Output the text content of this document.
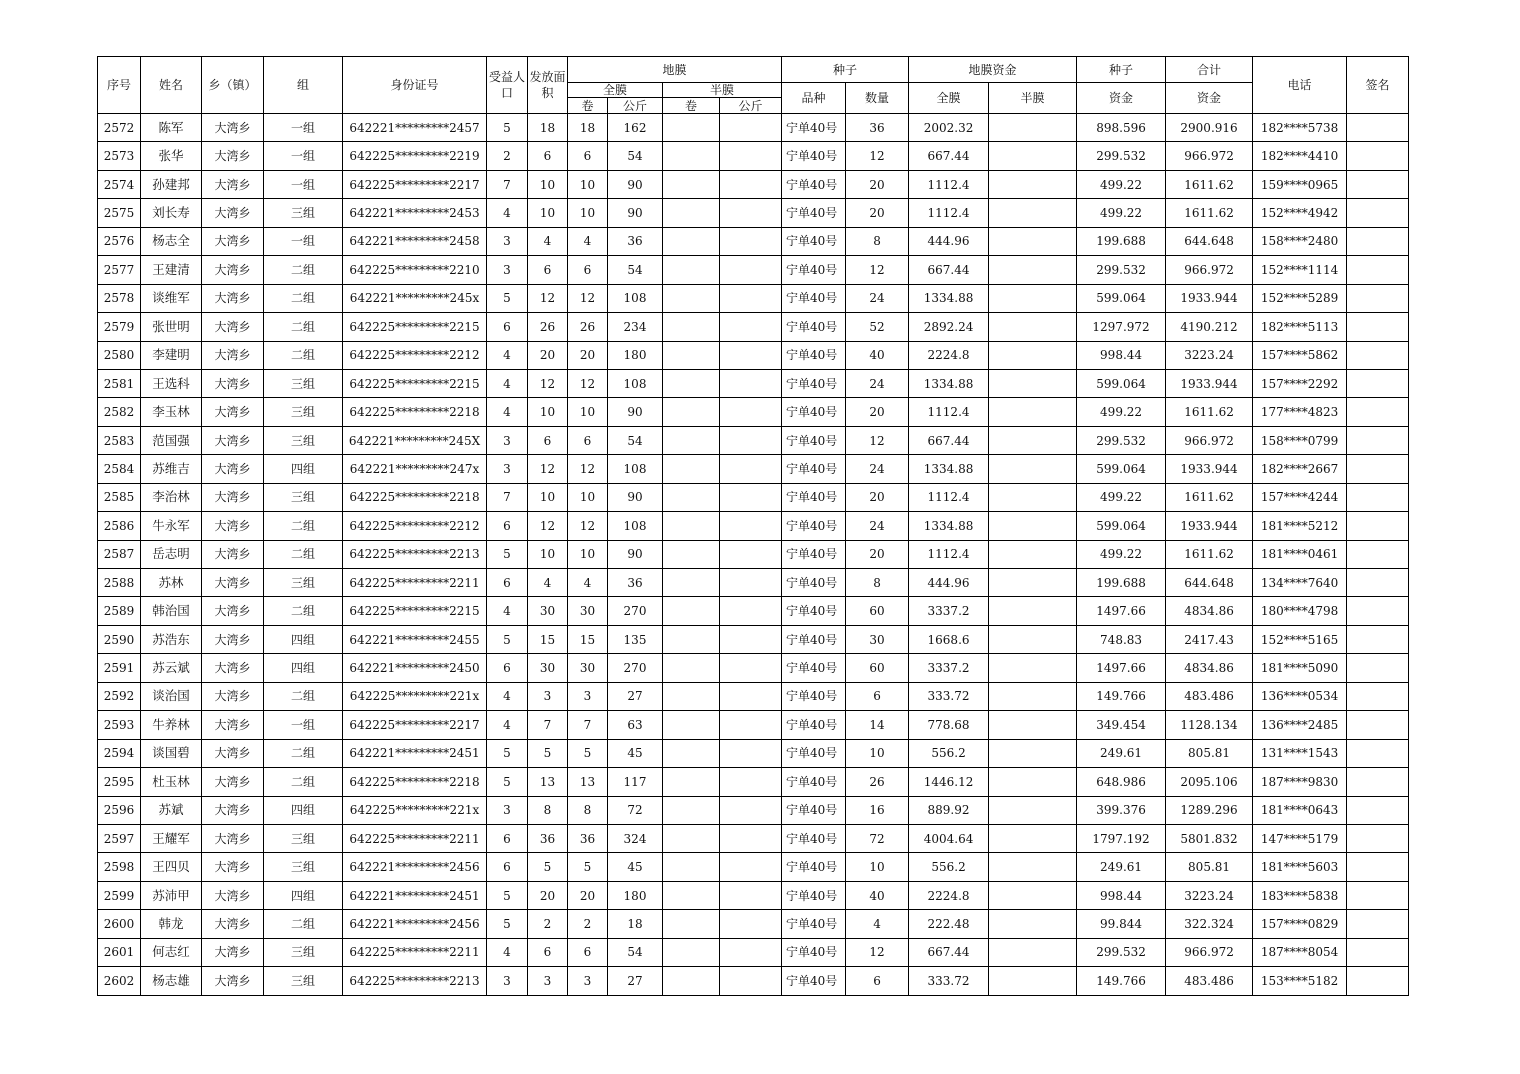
序号	姓名	乡（镇）	组	身份证号	受益人口	发放面积	地膜				种子		地膜资金		种子	合计	电话	签名
							全膜		半膜		品种	数量	全膜	半膜	资金	资金		
							卷	公斤	卷	公斤								
2572	陈军	大湾乡	一组	642221*********2457	5	18	18	162			宁单40号	36	2002.32		898.596	2900.916	182****5738	
2573	张华	大湾乡	一组	642225*********2219	2	6	6	54			宁单40号	12	667.44		299.532	966.972	182****4410	
2574	孙建邦	大湾乡	一组	642225*********2217	7	10	10	90			宁单40号	20	1112.4		499.22	1611.62	159****0965	
2575	刘长寿	大湾乡	三组	642221*********2453	4	10	10	90			宁单40号	20	1112.4		499.22	1611.62	152****4942	
2576	杨志全	大湾乡	一组	642221*********2458	3	4	4	36			宁单40号	8	444.96		199.688	644.648	158****2480	
2577	王建清	大湾乡	二组	642225*********2210	3	6	6	54			宁单40号	12	667.44		299.532	966.972	152****1114	
2578	谈维军	大湾乡	二组	642221*********245x	5	12	12	108			宁单40号	24	1334.88		599.064	1933.944	152****5289	
2579	张世明	大湾乡	二组	642225*********2215	6	26	26	234			宁单40号	52	2892.24		1297.972	4190.212	182****5113	
2580	李建明	大湾乡	二组	642225*********2212	4	20	20	180			宁单40号	40	2224.8		998.44	3223.24	157****5862	
2581	王选科	大湾乡	三组	642225*********2215	4	12	12	108			宁单40号	24	1334.88		599.064	1933.944	157****2292	
2582	李玉林	大湾乡	三组	642225*********2218	4	10	10	90			宁单40号	20	1112.4		499.22	1611.62	177****4823	
2583	范国强	大湾乡	三组	642221*********245X	3	6	6	54			宁单40号	12	667.44		299.532	966.972	158****0799	
2584	苏维吉	大湾乡	四组	642221*********247x	3	12	12	108			宁单40号	24	1334.88		599.064	1933.944	182****2667	
2585	李治林	大湾乡	三组	642225*********2218	7	10	10	90			宁单40号	20	1112.4		499.22	1611.62	157****4244	
2586	牛永军	大湾乡	二组	642225*********2212	6	12	12	108			宁单40号	24	1334.88		599.064	1933.944	181****5212	
2587	岳志明	大湾乡	二组	642225*********2213	5	10	10	90			宁单40号	20	1112.4		499.22	1611.62	181****0461	
2588	苏林	大湾乡	三组	642225*********2211	6	4	4	36			宁单40号	8	444.96		199.688	644.648	134****7640	
2589	韩治国	大湾乡	二组	642225*********2215	4	30	30	270			宁单40号	60	3337.2		1497.66	4834.86	180****4798	
2590	苏浩东	大湾乡	四组	642221*********2455	5	15	15	135			宁单40号	30	1668.6		748.83	2417.43	152****5165	
2591	苏云斌	大湾乡	四组	642221*********2450	6	30	30	270			宁单40号	60	3337.2		1497.66	4834.86	181****5090	
2592	谈治国	大湾乡	二组	642225*********221x	4	3	3	27			宁单40号	6	333.72		149.766	483.486	136****0534	
2593	牛养林	大湾乡	一组	642225*********2217	4	7	7	63			宁单40号	14	778.68		349.454	1128.134	136****2485	
2594	谈国碧	大湾乡	二组	642221*********2451	5	5	5	45			宁单40号	10	556.2		249.61	805.81	131****1543	
2595	杜玉林	大湾乡	二组	642225*********2218	5	13	13	117			宁单40号	26	1446.12		648.986	2095.106	187****9830	
2596	苏斌	大湾乡	四组	642225*********221x	3	8	8	72			宁单40号	16	889.92		399.376	1289.296	181****0643	
2597	王耀军	大湾乡	三组	642225*********2211	6	36	36	324			宁单40号	72	4004.64		1797.192	5801.832	147****5179	
2598	王四贝	大湾乡	三组	642221*********2456	6	5	5	45			宁单40号	10	556.2		249.61	805.81	181****5603	
2599	苏沛甲	大湾乡	四组	642221*********2451	5	20	20	180			宁单40号	40	2224.8		998.44	3223.24	183****5838	
2600	韩龙	大湾乡	二组	642221*********2456	5	2	2	18			宁单40号	4	222.48		99.844	322.324	157****0829	
2601	何志红	大湾乡	三组	642225*********2211	4	6	6	54			宁单40号	12	667.44		299.532	966.972	187****8054	
2602	杨志雄	大湾乡	三组	642225*********2213	3	3	3	27			宁单40号	6	333.72		149.766	483.486	153****5182	
